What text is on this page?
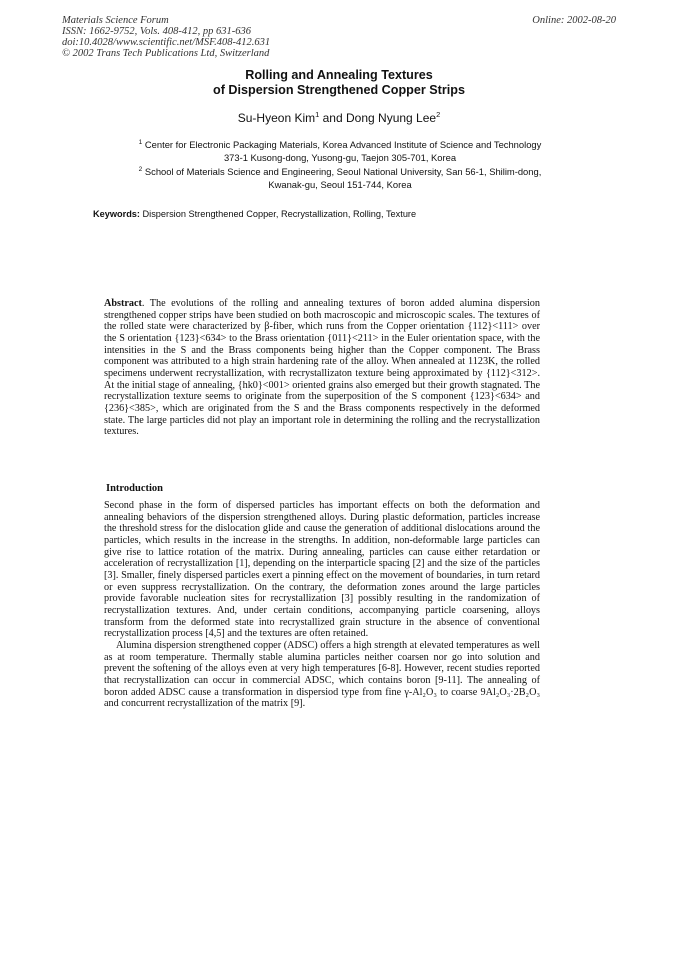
Materials Science Forum
ISSN: 1662-9752, Vols. 408-412, pp 631-636
doi:10.4028/www.scientific.net/MSF.408-412.631
© 2002 Trans Tech Publications Ltd, Switzerland
Online: 2002-08-20
Rolling and Annealing Textures
of Dispersion Strengthened Copper Strips
Su-Hyeon Kim$^1$ and Dong Nyung Lee$^2$
$^1$ Center for Electronic Packaging Materials, Korea Advanced Institute of Science and Technology
373-1 Kusong-dong, Yusong-gu, Taejon 305-701, Korea
$^2$ School of Materials Science and Engineering, Seoul National University, San 56-1, Shilim-dong,
Kwanak-gu, Seoul 151-744, Korea
Keywords: Dispersion Strengthened Copper, Recrystallization, Rolling, Texture

Abstract. The evolutions of the rolling and annealing textures of boron added alumina dispersion strengthened copper strips have been studied on both macroscopic and microscopic scales. The textures of the rolled state were characterized by β-fiber, which runs from the Copper orientation {112}<111> over the S orientation {123}<634> to the Brass orientation {011}<211> in the Euler orientation space, with the intensities in the S and the Brass components being higher than the Copper component. The Brass component was attributed to a high strain hardening rate of the alloy. When annealed at 1123K, the rolled specimens underwent recrystallization, with recrystallizaton texture being approximated by {112}<312>. At the initial stage of annealing, {hk0}<001> oriented grains also emerged but their growth stagnated. The recrystallization texture seems to originate from the superposition of the S component {123}<634> and {236}<385>, which are originated from the S and the Brass components respectively in the deformed state. The large particles did not play an important role in determining the rolling and the recrystallization textures.

Introduction

Second phase in the form of dispersed particles has important effects on both the deformation and annealing behaviors of the dispersion strengthened alloys. During plastic deformation, particles increase the threshold stress for the dislocation glide and cause the generation of additional dislocations around the particles, which results in the increase in the strengths. In addition, non-deformable large particles can give rise to lattice rotation of the matrix. During annealing, particles can cause either retardation or acceleration of recrystallization [1], depending on the interparticle spacing [2] and the size of the particles [3]. Smaller, finely dispersed particles exert a pinning effect on the movement of boundaries, in turn retard or even suppress recrystallization. On the contrary, the deformation zones around the large particles provide favorable nucleation sites for recrystallization [3] possibly resulting in the randomization of recrystallization textures. And, under certain conditions, accompanying particle coarsening, alloys transform from the deformed state into recrystallized grain structure in the absence of conventional recrystallization process [4,5] and the textures are often retained.

Alumina dispersion strengthened copper (ADSC) offers a high strength at elevated temperatures as well as at room temperature. Thermally stable alumina particles neither coarsen nor go into solution and prevent the softening of the alloys even at very high temperatures [6-8]. However, recent studies reported that recrystallization can occur in commercial ADSC, which contains boron [9-11]. The annealing of boron added ADSC cause a transformation in dispersiod type from fine γ-Al₂O₃ to coarse 9Al₂O₃·2B₂O₃ and concurrent recrystallization of the matrix [9].
